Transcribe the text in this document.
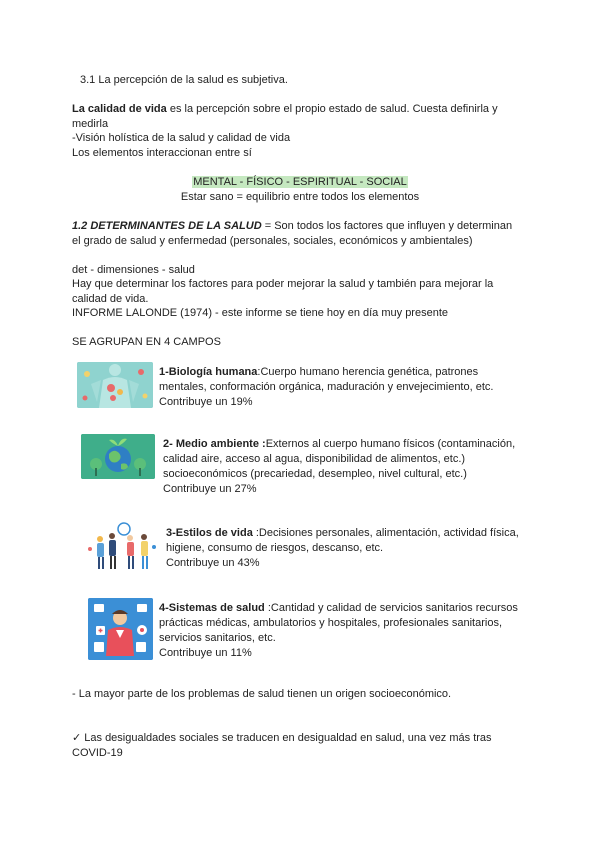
3.1 La percepción de la salud es subjetiva.
La calidad de vida es la percepción sobre el propio estado de salud. Cuesta definirla y
medirla
-Visión holística de la salud y calidad de vida
Los elementos interaccionan entre sí
MENTAL - FÍSICO - ESPIRITUAL - SOCIAL
Estar sano = equilibrio entre todos los elementos
1.2 DETERMINANTES DE LA SALUD = Son todos los factores que influyen y determinan
el grado de salud y enfermedad (personales, sociales, económicos y ambientales)
det - dimensiones - salud
Hay que determinar los factores para poder mejorar la salud y también para mejorar la
calidad de vida.
INFORME LALONDE (1974) - este informe se tiene hoy en día muy presente
SE AGRUPAN EN 4 CAMPOS
1-Biología humana:Cuerpo humano herencia genética, patrones
mentales, conformación orgánica, maduración y envejecimiento, etc.
Contribuye un 19%
2- Medio ambiente :Externos al cuerpo humano físicos (contaminación,
calidad aire, acceso al agua, disponibilidad de alimentos, etc.)
socioeconómicos (precariedad, desempleo, nivel cultural, etc.)
Contribuye un 27%
3-Estilos de vida :Decisiones personales, alimentación, actividad física,
higiene, consumo de riesgos, descanso, etc.
Contribuye un 43%
4-Sistemas de salud :Cantidad y calidad de servicios sanitarios recursos
prácticas médicas, ambulatorios y hospitales, profesionales sanitarios,
servicios sanitarios, etc.
Contribuye un 11%
- La mayor parte de los problemas de salud tienen un origen socioeconómico.
✓ Las desigualdades sociales se traducen en desigualdad en salud, una vez más tras
COVID-19
